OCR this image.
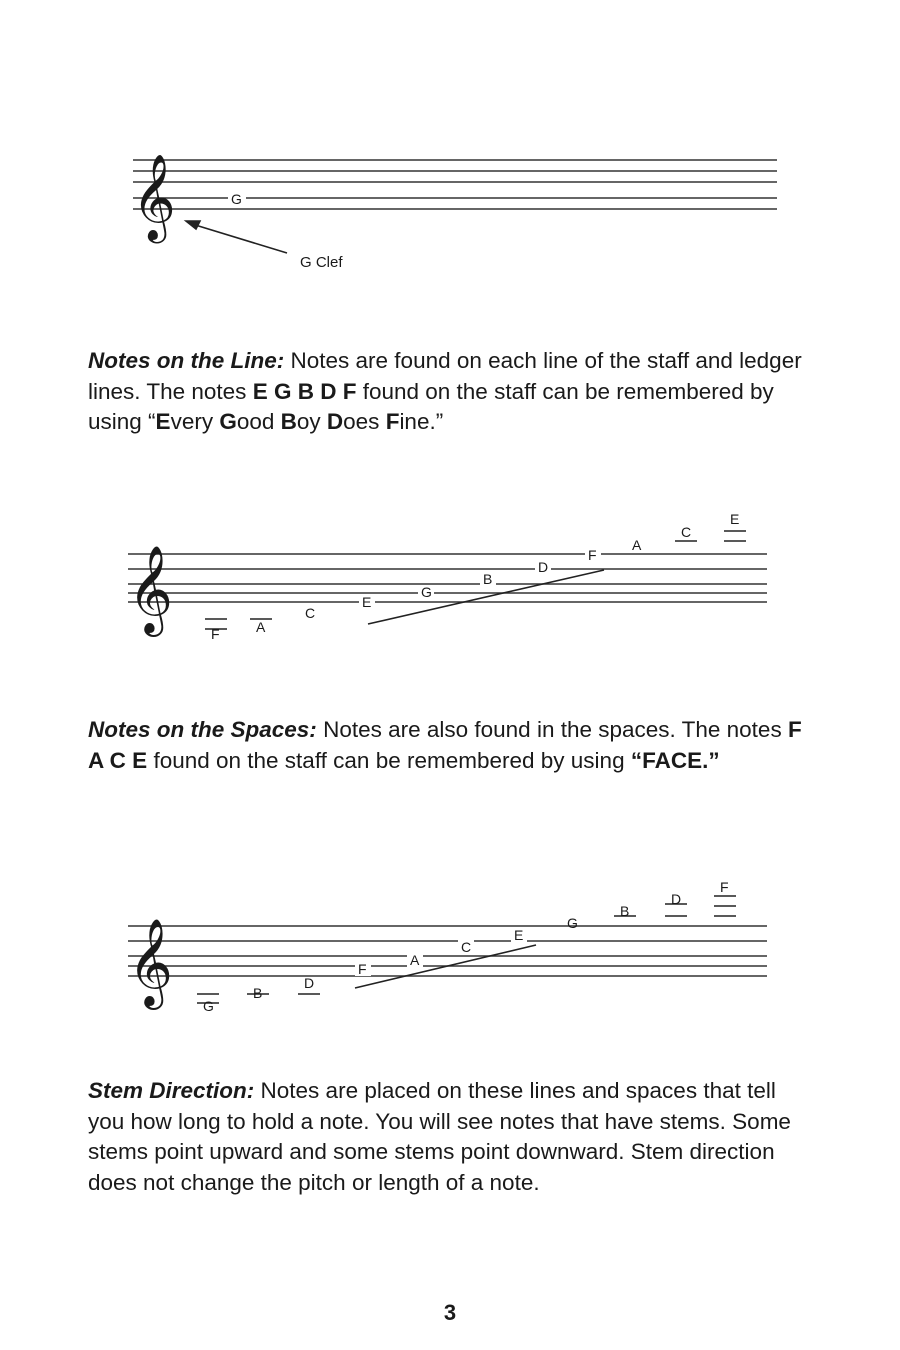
𝄞	G
G Clef

Notes on the Line: Notes are found on each line of the staff and ledger lines. The notes E G B D F found on the staff can be remembered by using “Every Good Boy Does Fine.”

𝄞
F	A
C
E
G
B
D
F
A
C
E

Notes on the Spaces: Notes are also found in the spaces. The notes F A C E found on the staff can be remembered by using “FACE.”

𝄞 G
B
D
F
A
C
E
G
B
D
F

Stem Direction: Notes are placed on these lines and spaces that tell you how long to hold a note. You will see notes that have stems. Some stems point upward and some stems point downward. Stem direction does not change the pitch or length of a note.

3
